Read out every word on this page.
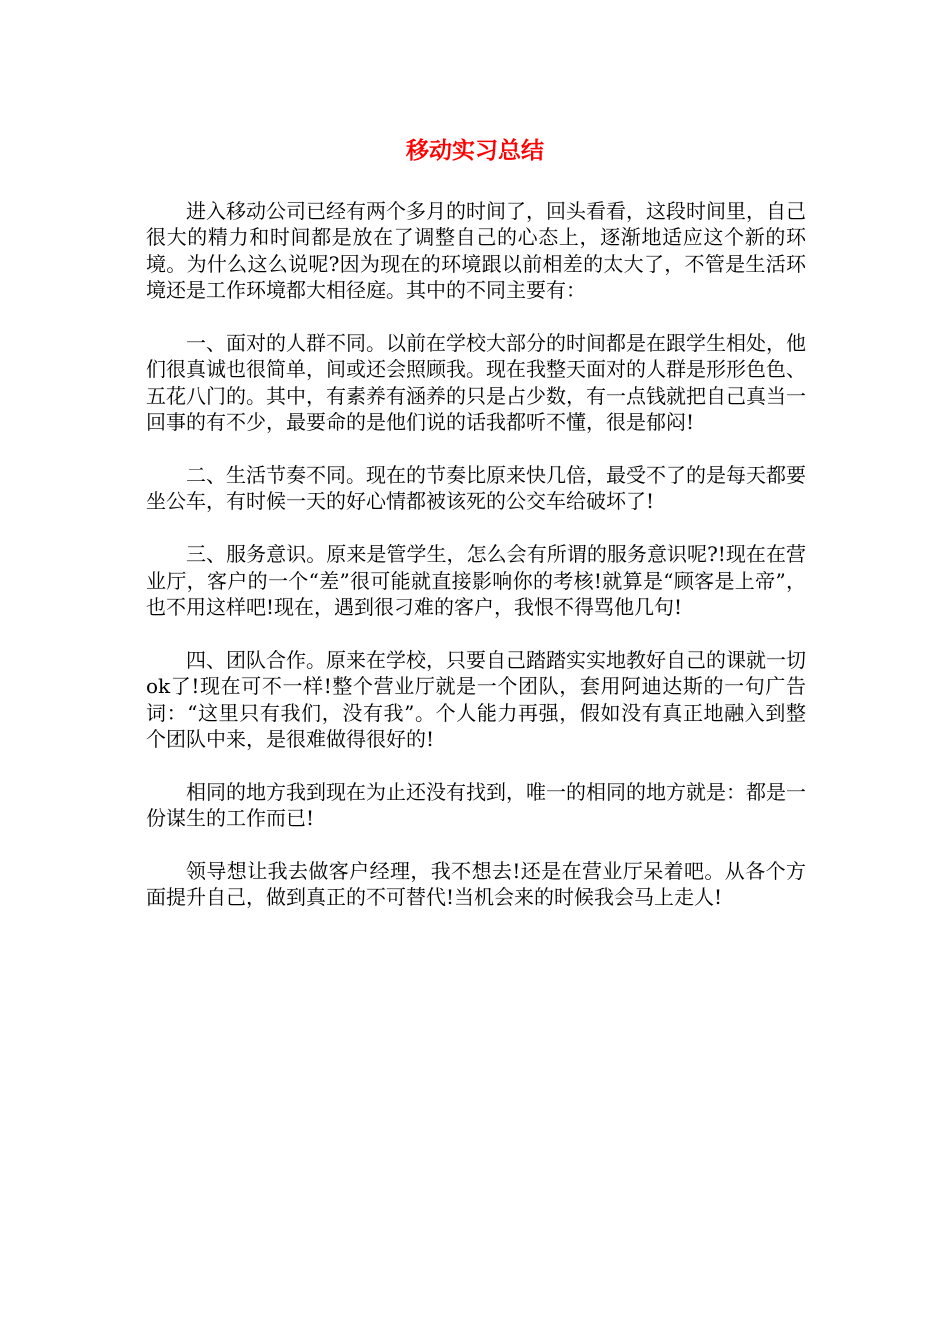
移动实习总结

进入移动公司已经有两个多月的时间了，回头看看，这段时间里，自己很大的精力和时间都是放在了调整自己的心态上，逐渐地适应这个新的环境。为什么这么说呢?因为现在的环境跟以前相差的太大了，不管是生活环境还是工作环境都大相径庭。其中的不同主要有：

一、面对的人群不同。以前在学校大部分的时间都是在跟学生相处，他们很真诚也很简单，间或还会照顾我。现在我整天面对的人群是形形色色、五花八门的。其中，有素养有涵养的只是占少数，有一点钱就把自己真当一回事的有不少，最要命的是他们说的话我都听不懂，很是郁闷!

二、生活节奏不同。现在的节奏比原来快几倍，最受不了的是每天都要坐公车，有时候一天的好心情都被该死的公交车给破坏了!

三、服务意识。原来是管学生，怎么会有所谓的服务意识呢?!现在在营业厅，客户的一个“差”很可能就直接影响你的考核!就算是“顾客是上帝”，也不用这样吧!现在，遇到很刁难的客户，我恨不得骂他几句!

四、团队合作。原来在学校，只要自己踏踏实实地教好自己的课就一切ok了!现在可不一样!整个营业厅就是一个团队，套用阿迪达斯的一句广告词：“这里只有我们，没有我”。个人能力再强，假如没有真正地融入到整个团队中来，是很难做得很好的!

相同的地方我到现在为止还没有找到，唯一的相同的地方就是：都是一份谋生的工作而已!

领导想让我去做客户经理，我不想去!还是在营业厅呆着吧。从各个方面提升自己，做到真正的不可替代!当机会来的时候我会马上走人!
